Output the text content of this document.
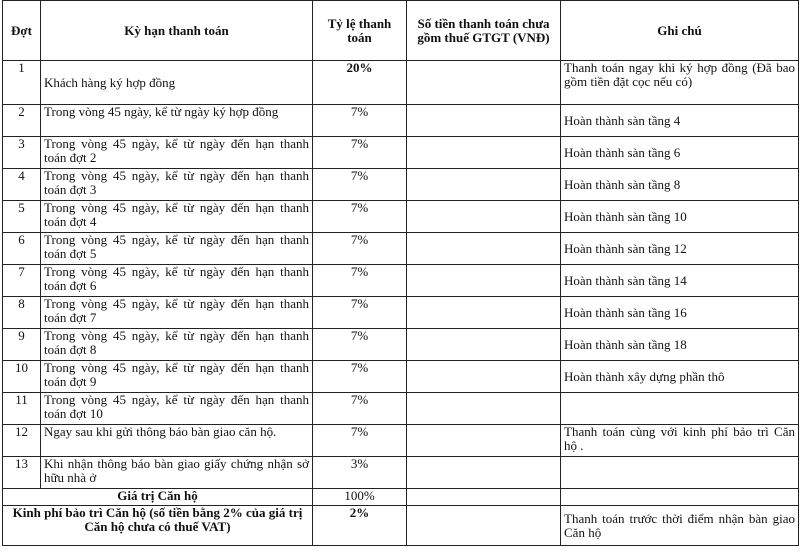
Đợt	Kỳ hạn thanh toán	Tỷ lệ thanh toán	Số tiền thanh toán chưa gồm thuế GTGT (VNĐ)	Ghi chú
1	Khách hàng ký hợp đồng	20%		Thanh toán ngay khi ký hợp đồng (Đã bao gồm tiền đặt cọc nếu có)
2	Trong vòng 45 ngày, kể từ ngày ký hợp đồng	7%		Hoàn thành sàn tầng 4
3	Trong vòng 45 ngày, kể từ ngày đến hạn thanh toán đợt 2	7%		Hoàn thành sàn tầng 6
4	Trong vòng 45 ngày, kể từ ngày đến hạn thanh toán đợt 3	7%		Hoàn thành sàn tầng 8
5	Trong vòng 45 ngày, kể từ ngày đến hạn thanh toán đợt 4	7%		Hoàn thành sàn tầng 10
6	Trong vòng 45 ngày, kể từ ngày đến hạn thanh toán đợt 5	7%		Hoàn thành sàn tầng 12
7	Trong vòng 45 ngày, kể từ ngày đến hạn thanh toán đợt 6	7%		Hoàn thành sàn tầng 14
8	Trong vòng 45 ngày, kể từ ngày đến hạn thanh toán đợt 7	7%		Hoàn thành sàn tầng 16
9	Trong vòng 45 ngày, kể từ ngày đến hạn thanh toán đợt 8	7%		Hoàn thành sàn tầng 18
10	Trong vòng 45 ngày, kể từ ngày đến hạn thanh toán đợt 9	7%		Hoàn thành xây dựng phần thô
11	Trong vòng 45 ngày, kể từ ngày đến hạn thanh toán đợt 10	7%		
12	Ngay sau khi gửi thông báo bàn giao căn hộ.	7%		Thanh toán cùng với kinh phí bảo trì Căn hộ .
13	Khi nhận thông báo bàn giao giấy chứng nhận sở hữu nhà ở	3%		
Giá trị Căn hộ		100%		
Kinh phí bảo trì Căn hộ (số tiền bằng 2% của giá trị Căn hộ chưa có thuế VAT)		2%		Thanh toán trước thời điểm nhận bàn giao Căn hộ
